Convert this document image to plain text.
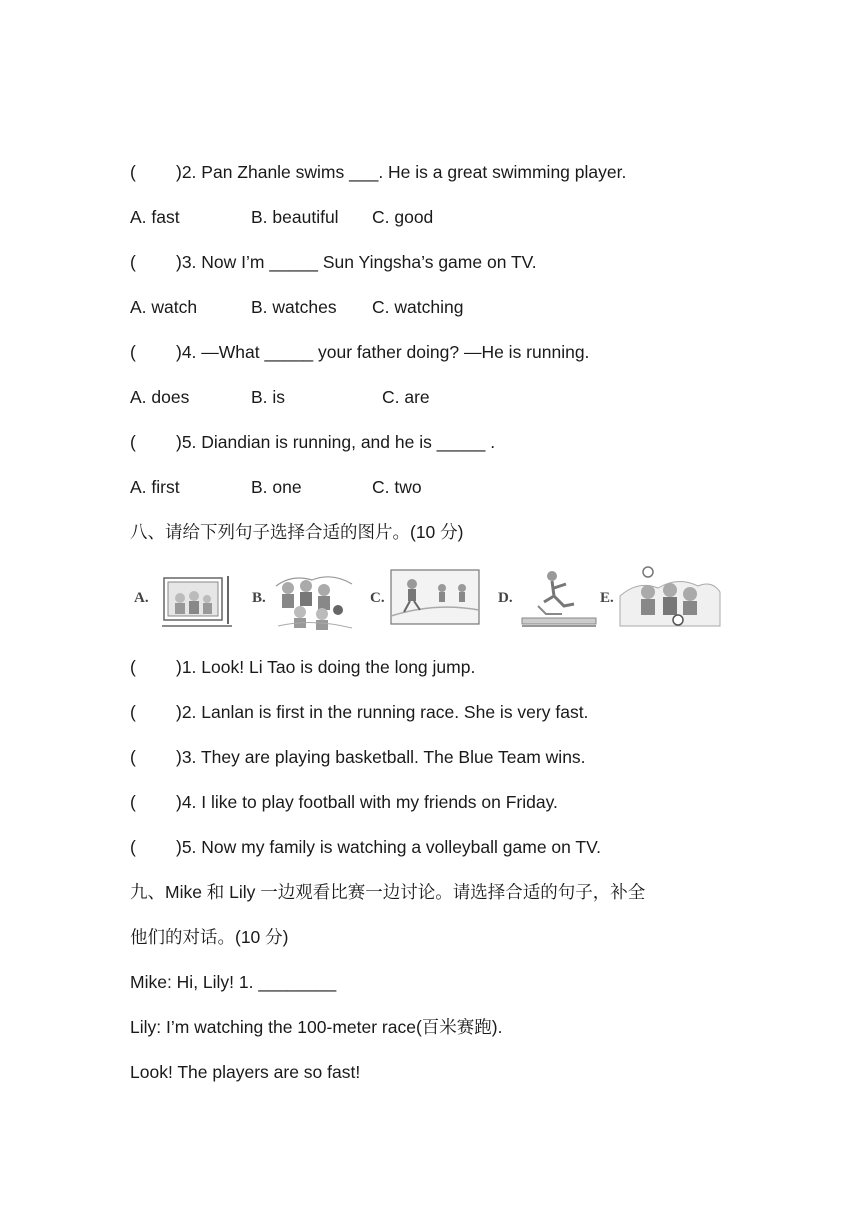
( )2. Pan Zhanle swims ___. He is a great swimming player.
A. fast	B. beautiful C. good
( )3. Now I’m _____ Sun Yingsha’s game on TV.
A. watch	B. watches C. watching
( )4. —What _____ your father doing? —He is running.
A. does	B. is	C. are
( )5. Diandian is running, and he is _____ .
A. first	B. one	C. two
八、请给下列句子选择合适的图片。(10 分)
A.	B.	C.	D.	E.
( )1. Look! Li Tao is doing the long jump.
( )2. Lanlan is first in the running race. She is very fast.
( )3. They are playing basketball. The Blue Team wins.
( )4. I like to play football with my friends on Friday.
( )5. Now my family is watching a volleyball game on TV.
九、Mike 和 Lily 一边观看比赛一边讨论。请选择合适的句子，补全
他们的对话。(10 分)
Mike: Hi, Lily! 1. ________
Lily: I’m watching the 100-meter race(百米赛跑).
Look! The players are so fast!
